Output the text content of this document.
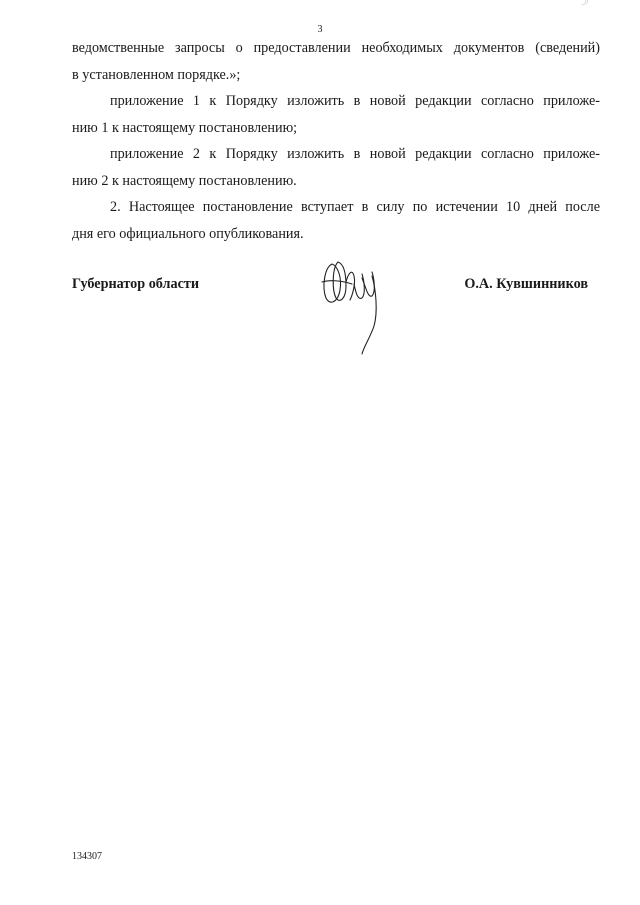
_//
3

ведомственные запросы о предоставлении необходимых документов (сведений)

в установленном порядке.»;

приложение 1 к Порядку изложить в новой редакции согласно приложе-

нию 1 к настоящему постановлению;

приложение 2 к Порядку изложить в новой редакции согласно приложе-

нию 2 к настоящему постановлению.

2. Настоящее постановление вступает в силу по истечении 10 дней после

дня его официального опубликования.

Губернатор области	О.А. Кувшинников
134307
